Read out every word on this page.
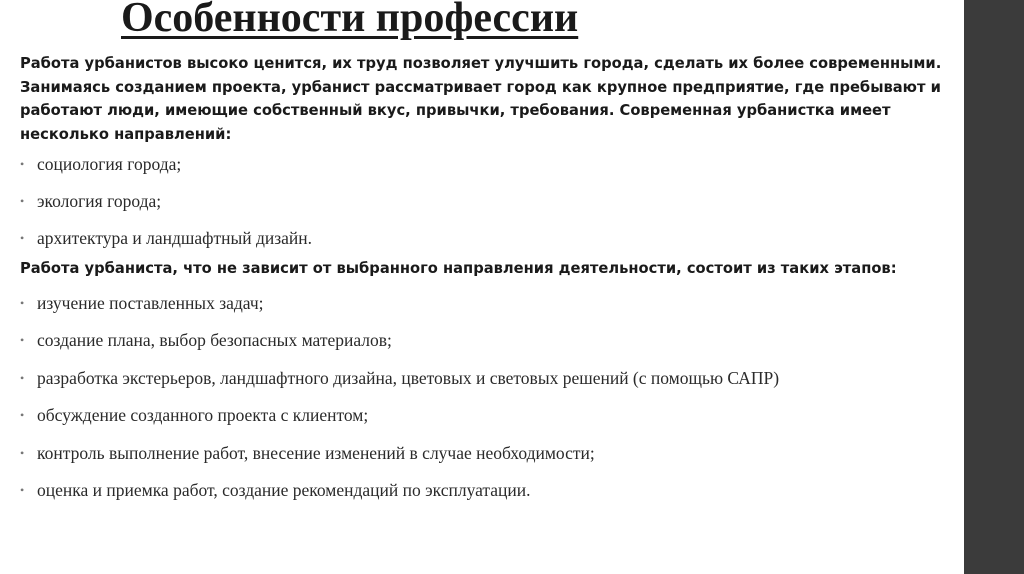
Особенности профессии

Работа урбанистов высоко ценится, их труд позволяет улучшить города, сделать их более современными. Занимаясь созданием проекта, урбанист рассматривает город как крупное предприятие, где пребывают и работают люди, имеющие собственный вкус, привычки, требования. Современная урбанистка имеет несколько направлений:

• социология города;
• экология города;
• архитектура и ландшафтный дизайн.

Работа урбаниста, что не зависит от выбранного направления деятельности, состоит из таких этапов:

• изучение поставленных задач;
• создание плана, выбор безопасных материалов;
• разработка экстерьеров, ландшафтного дизайна, цветовых и световых решений (с помощью САПР)
• обсуждение созданного проекта с клиентом;
• контроль выполнение работ, внесение изменений в случае необходимости;
• оценка и приемка работ, создание рекомендаций по эксплуатации.
